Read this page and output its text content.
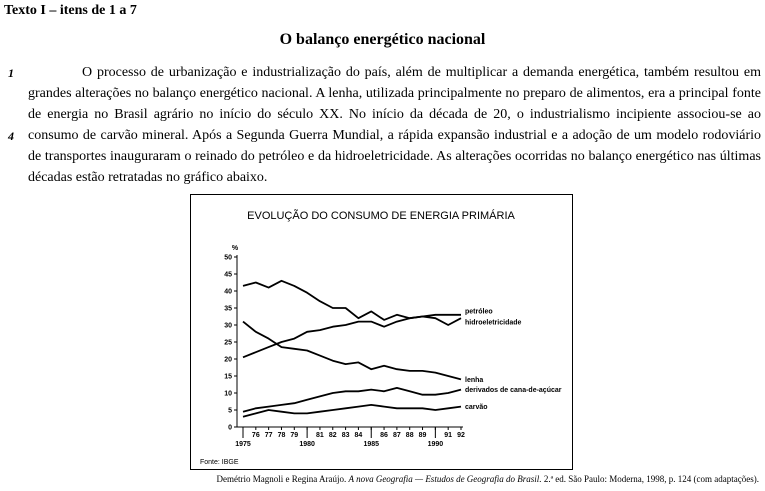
Texto I – itens de 1 a 7
O balanço energético nacional
1
4

O processo de urbanização e industrialização do país, além de multiplicar a demanda energética, também resultou em grandes alterações no balanço energético nacional. A lenha, utilizada principalmente no preparo de alimentos, era a principal fonte de energia no Brasil agrário no início do século XX. No início da década de 20, o industrialismo incipiente associou-se ao consumo de carvão mineral. Após a Segunda Guerra Mundial, a rápida expansão industrial e a adoção de um modelo rodoviário de transportes inauguraram o reinado do petróleo e da hidroeletricidade. As alterações ocorridas no balanço energético nas últimas décadas estão retratadas no gráfico abaixo.

EVOLUÇÃO DO CONSUMO DE ENERGIA PRIMÁRIA
%
0
5
10
15
20
25
30
35
40
45
50
76 77 78 79	81 82 83 84	86 87 88 89	91 92
1975	1980	1985	1990
petróleo
hidroeletricidade
lenha
derivados de cana-de-açúcar
carvão
Fonte: IBGE
Demétrio Magnoli e Regina Araújo. A nova Geografia — Estudos de Geografia do Brasil. 2.ª ed. São Paulo: Moderna, 1998, p. 124 (com adaptações).
